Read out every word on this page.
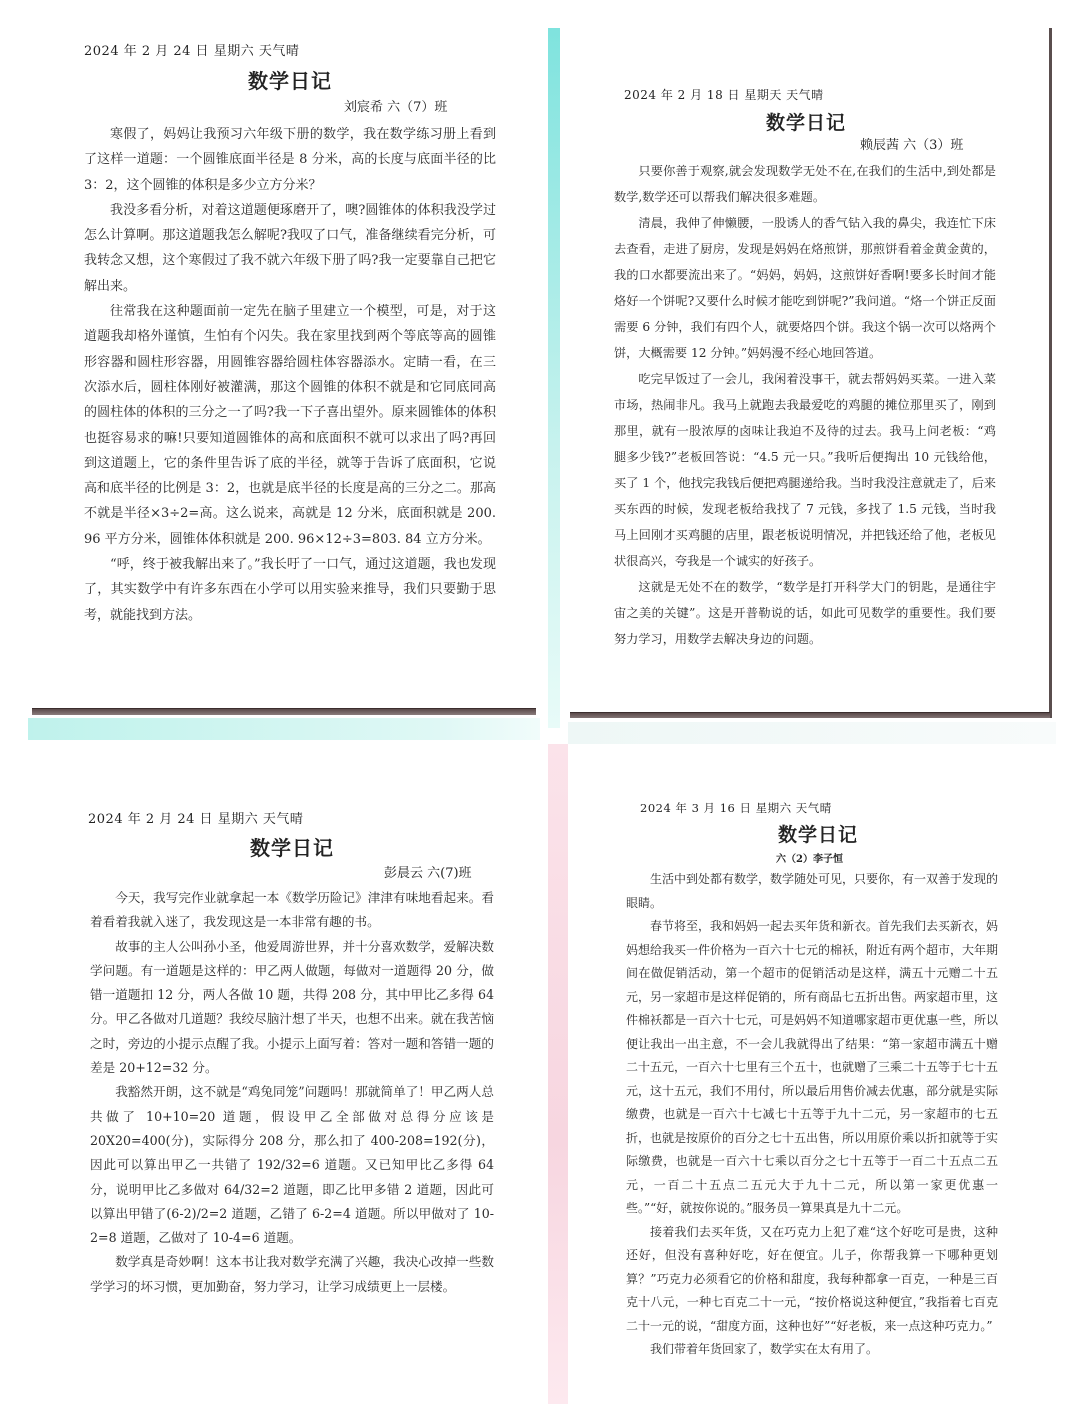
2024 年 2 月 24 日 星期六 天气晴
数学日记
刘宸希 六（7）班

寒假了，妈妈让我预习六年级下册的数学，我在数学练习册上看到了这样一道题：一个圆锥底面半径是 8 分米，高的长度与底面半径的比 3：2，这个圆锥的体积是多少立方分米？

我没多看分析，对着这道题便琢磨开了，噢?圆锥体的体积我没学过怎么计算啊。那这道题我怎么解呢?我叹了口气，准备继续看完分析，可我转念又想，这个寒假过了我不就六年级下册了吗?我一定要靠自己把它解出来。

往常我在这种题面前一定先在脑子里建立一个模型，可是，对于这道题我却格外谨慎，生怕有个闪失。我在家里找到两个等底等高的圆锥形容器和圆柱形容器，用圆锥容器给圆柱体容器添水。定睛一看，在三次添水后，圆柱体刚好被灌满，那这个圆锥的体积不就是和它同底同高的圆柱体的体积的三分之一了吗?我一下子喜出望外。原来圆锥体的体积也挺容易求的嘛!只要知道圆锥体的高和底面积不就可以求出了吗?再回到这道题上，它的条件里告诉了底的半径，就等于告诉了底面积，它说高和底半径的比例是 3：2，也就是底半径的长度是高的三分之二。那高不就是半径×3÷2=高。这么说来，高就是 12 分米，底面积就是 200. 96 平方分米，圆锥体体积就是 200. 96×12÷3=803. 84 立方分米。

“呼，终于被我解出来了。”我长吁了一口气，通过这道题，我也发现了，其实数学中有许多东西在小学可以用实验来推导，我们只要勤于思考，就能找到方法。

2024 年 2 月 18 日 星期天 天气晴
数学日记
赖辰茜 六（3）班

只要你善于观察,就会发现数学无处不在,在我们的生活中,到处都是数学,数学还可以帮我们解决很多难题。

清晨，我伸了伸懒腰，一股诱人的香气钻入我的鼻尖，我连忙下床去查看，走进了厨房，发现是妈妈在烙煎饼，那煎饼看着金黄金黄的，我的口水都要流出来了。“妈妈，妈妈，这煎饼好香啊!要多长时间才能烙好一个饼呢?又要什么时候才能吃到饼呢?”我问道。“烙一个饼正反面需要 6 分钟，我们有四个人，就要烙四个饼。我这个锅一次可以烙两个饼，大概需要 12 分钟。”妈妈漫不经心地回答道。

吃完早饭过了一会儿，我闲着没事干，就去帮妈妈买菜。一进入菜市场，热闹非凡。我马上就跑去我最爱吃的鸡腿的摊位那里买了，刚到那里，就有一股浓厚的卤味让我迫不及待的过去。我马上问老板：“鸡腿多少钱?”老板回答说：“4.5 元一只。”我听后便掏出 10 元钱给他，买了 1 个，他找完我钱后便把鸡腿递给我。当时我没注意就走了，后来买东西的时候，发现老板给我找了 7 元钱，多找了 1.5 元钱，当时我马上回刚才买鸡腿的店里，跟老板说明情况，并把钱还给了他，老板见状很高兴，夸我是一个诚实的好孩子。

这就是无处不在的数学，“数学是打开科学大门的钥匙，是通往宇宙之美的关键”。这是开普勒说的话，如此可见数学的重要性。我们要努力学习，用数学去解决身边的问题。

2024 年 2 月 24 日 星期六 天气晴
数学日记
彭晨云 六(7)班

今天，我写完作业就拿起一本《数学历险记》津津有味地看起来。看着看着我就入迷了，我发现这是一本非常有趣的书。

故事的主人公叫孙小圣，他爱周游世界，并十分喜欢数学，爱解决数学问题。有一道题是这样的：甲乙两人做题，每做对一道题得 20 分，做错一道题扣 12 分，两人各做 10 题，共得 208 分，其中甲比乙多得 64 分。甲乙各做对几道题？我绞尽脑汁想了半天，也想不出来。就在我苦恼之时，旁边的小提示点醒了我。小提示上面写着：答对一题和答错一题的差是 20+12=32 分。

我豁然开朗，这不就是“鸡兔同笼”问题吗！那就简单了！甲乙两人总共做了 10+10=20 道题，假设甲乙全部做对总得分应该是 20X20=400(分)，实际得分 208 分，那么扣了 400-208=192(分)，因此可以算出甲乙一共错了 192/32=6 道题。又已知甲比乙多得 64 分，说明甲比乙多做对 64/32=2 道题，即乙比甲多错 2 道题，因此可以算出甲错了(6-2)/2=2 道题，乙错了 6-2=4 道题。所以甲做对了 10-2=8 道题，乙做对了 10-4=6 道题。

数学真是奇妙啊！这本书让我对数学充满了兴趣，我决心改掉一些数学学习的坏习惯，更加勤奋，努力学习，让学习成绩更上一层楼。

2024 年 3 月 16 日 星期六 天气晴
数学日记
六（2）李子恒

生活中到处都有数学，数学随处可见，只要你，有一双善于发现的眼睛。

春节将至，我和妈妈一起去买年货和新衣。首先我们去买新衣，妈妈想给我买一件价格为一百六十七元的棉袄，附近有两个超市，大年期间在做促销活动，第一个超市的促销活动是这样，满五十元赠二十五元，另一家超市是这样促销的，所有商品七五折出售。两家超市里，这件棉袄都是一百六十七元，可是妈妈不知道哪家超市更优惠一些，所以便让我出一出主意，不一会儿我就得出了结果：“第一家超市满五十赠二十五元，一百六十七里有三个五十，也就赠了三乘二十五等于七十五元，这十五元，我们不用付，所以最后用售价减去优惠，部分就是实际缴费，也就是一百六十七减七十五等于九十二元，另一家超市的七五折，也就是按原价的百分之七十五出售，所以用原价乘以折扣就等于实际缴费，也就是一百六十七乘以百分之七十五等于一百二十五点二五元，一百二十五点二五元大于九十二元，所以第一家更优惠一些。”“好，就按你说的。”服务员一算果真是九十二元。

接着我们去买年货，又在巧克力上犯了难“这个好吃可是贵，这种还好，但没有喜种好吃，好在便宜。儿子，你帮我算一下哪种更划算？”巧克力必须看它的价格和甜度，我每种都拿一百克，一种是三百克十八元，一种七百克二十一元，“按价格说这种便宜，”我指着七百克二十一元的说，“甜度方面，这种也好”“好老板，来一点这种巧克力。”

我们带着年货回家了，数学实在太有用了。
